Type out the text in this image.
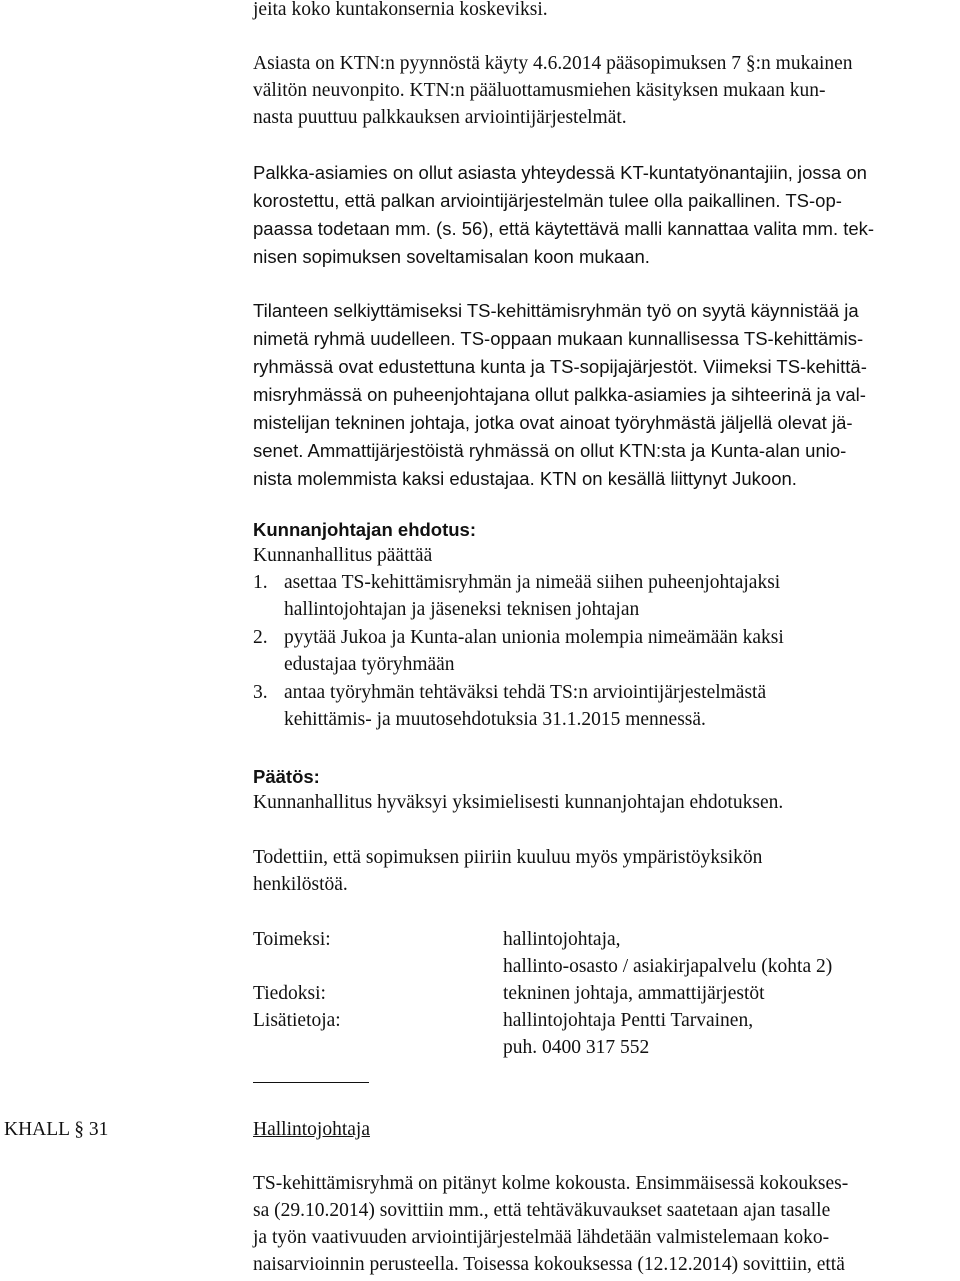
jeita koko kuntakonsernia koskeviksi.
Asiasta on KTN:n pyynnöstä käyty 4.6.2014 pääsopimuksen 7 §:n mukainen
välitön neuvonpito. KTN:n pääluottamusmiehen käsityksen mukaan kun-
nasta puuttuu palkkauksen arviointijärjestelmät.
Palkka-asiamies on ollut asiasta yhteydessä KT-kuntatyönantajiin, jossa on
korostettu, että palkan arviointijärjestelmän tulee olla paikallinen. TS-op-
paassa todetaan mm. (s. 56), että käytettävä malli kannattaa valita mm. tek-
nisen sopimuksen soveltamisalan koon mukaan.
Tilanteen selkiyttämiseksi TS-kehittämisryhmän työ on syytä käynnistää ja
nimetä ryhmä uudelleen. TS-oppaan mukaan kunnallisessa TS-kehittämis-
ryhmässä ovat edustettuna kunta ja TS-sopijajärjestöt. Viimeksi TS-kehittä-
misryhmässä on puheenjohtajana ollut palkka-asiamies ja sihteerinä ja val-
mistelijan tekninen johtaja, jotka ovat ainoat työryhmästä jäljellä olevat jä-
senet. Ammattijärjestöistä ryhmässä on ollut KTN:sta ja Kunta-alan unio-
nista molemmista kaksi edustajaa. KTN on kesällä liittynyt Jukoon.
Kunnanjohtajan ehdotus:
Kunnanhallitus päättää
1. asettaa TS-kehittämisryhmän ja nimeää siihen puheenjohtajaksi
hallintojohtajan ja jäseneksi teknisen johtajan
2. pyytää Jukoa ja Kunta-alan unionia molempia nimeämään kaksi
edustajaa työryhmään
3. antaa työryhmän tehtäväksi tehdä TS:n arviointijärjestelmästä
kehittämis- ja muutosehdotuksia 31.1.2015 mennessä.
Päätös:
Kunnanhallitus hyväksyi yksimielisesti kunnanjohtajan ehdotuksen.
Todettiin, että sopimuksen piiriin kuuluu myös ympäristöyksikön
henkilöstöä.
Toimeksi:	hallintojohtaja,
hallinto-osasto / asiakirjapalvelu (kohta 2)
Tiedoksi:	tekninen johtaja, ammattijärjestöt
Lisätietoja:	hallintojohtaja Pentti Tarvainen,
puh. 0400 317 552
KHALL § 31	Hallintojohtaja
TS-kehittämisryhmä on pitänyt kolme kokousta. Ensimmäisessä kokoukses-
sa (29.10.2014) sovittiin mm., että tehtäväkuvaukset saatetaan ajan tasalle
ja työn vaativuuden arviointijärjestelmää lähdetään valmistelemaan koko-
naisarvioinnin perusteella. Toisessa kokouksessa (12.12.2014) sovittiin, että
